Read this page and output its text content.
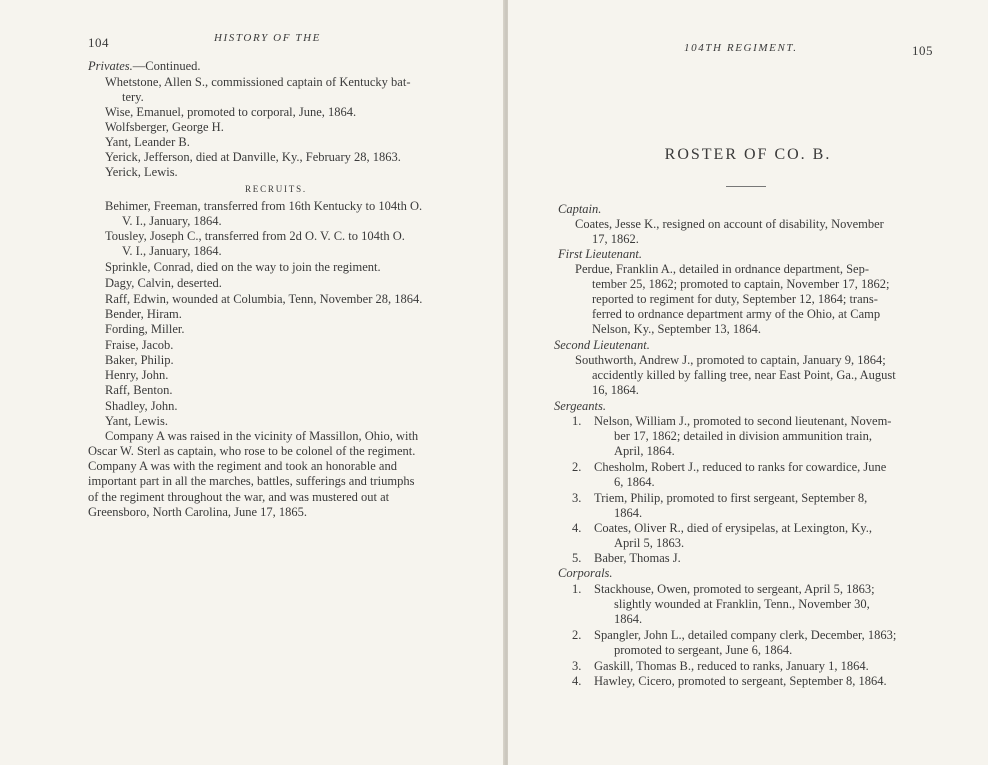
104	HISTORY OF THE
Privates.—Continued.
Whetstone, Allen S., commissioned captain of Kentucky bat-
tery.
Wise, Emanuel, promoted to corporal, June, 1864.
Wolfsberger, George H.
Yant, Leander B.
Yerick, Jefferson, died at Danville, Ky., February 28, 1863.
Yerick, Lewis.
RECRUITS.
Behimer, Freeman, transferred from 16th Kentucky to 104th O.
V. I., January, 1864.
Tousley, Joseph C., transferred from 2d O. V. C. to 104th O.
V. I., January, 1864.
Sprinkle, Conrad, died on the way to join the regiment.
Dagy, Calvin, deserted.
Raff, Edwin, wounded at Columbia, Tenn, November 28, 1864.
Bender, Hiram.
Fording, Miller.
Fraise, Jacob.
Baker, Philip.
Henry, John.
Raff, Benton.
Shadley, John.
Yant, Lewis.
Company A was raised in the vicinity of Massillon, Ohio, with
Oscar W. Sterl as captain, who rose to be colonel of the regiment.
Company A was with the regiment and took an honorable and
important part in all the marches, battles, sufferings and triumphs
of the regiment throughout the war, and was mustered out at
Greensboro, North Carolina, June 17, 1865.
104TH REGIMENT.	105
ROSTER OF CO. B.
Captain.
Coates, Jesse K., resigned on account of disability, November
17, 1862.
First Lieutenant.
Perdue, Franklin A., detailed in ordnance department, Sep-
tember 25, 1862; promoted to captain, November 17, 1862;
reported to regiment for duty, September 12, 1864; trans-
ferred to ordnance department army of the Ohio, at Camp
Nelson, Ky., September 13, 1864.
Second Lieutenant.
Southworth, Andrew J., promoted to captain, January 9, 1864;
accidently killed by falling tree, near East Point, Ga., August
16, 1864.
Sergeants.
1. Nelson, William J., promoted to second lieutenant, Novem-
ber 17, 1862; detailed in division ammunition train,
April, 1864.
2. Chesholm, Robert J., reduced to ranks for cowardice, June
6, 1864.
3. Triem, Philip, promoted to first sergeant, September 8,
1864.
4. Coates, Oliver R., died of erysipelas, at Lexington, Ky.,
April 5, 1863.
5. Baber, Thomas J.
Corporals.
1. Stackhouse, Owen, promoted to sergeant, April 5, 1863;
slightly wounded at Franklin, Tenn., November 30,
1864.
2. Spangler, John L., detailed company clerk, December, 1863;
promoted to sergeant, June 6, 1864.
3. Gaskill, Thomas B., reduced to ranks, January 1, 1864.
4. Hawley, Cicero, promoted to sergeant, September 8, 1864.
